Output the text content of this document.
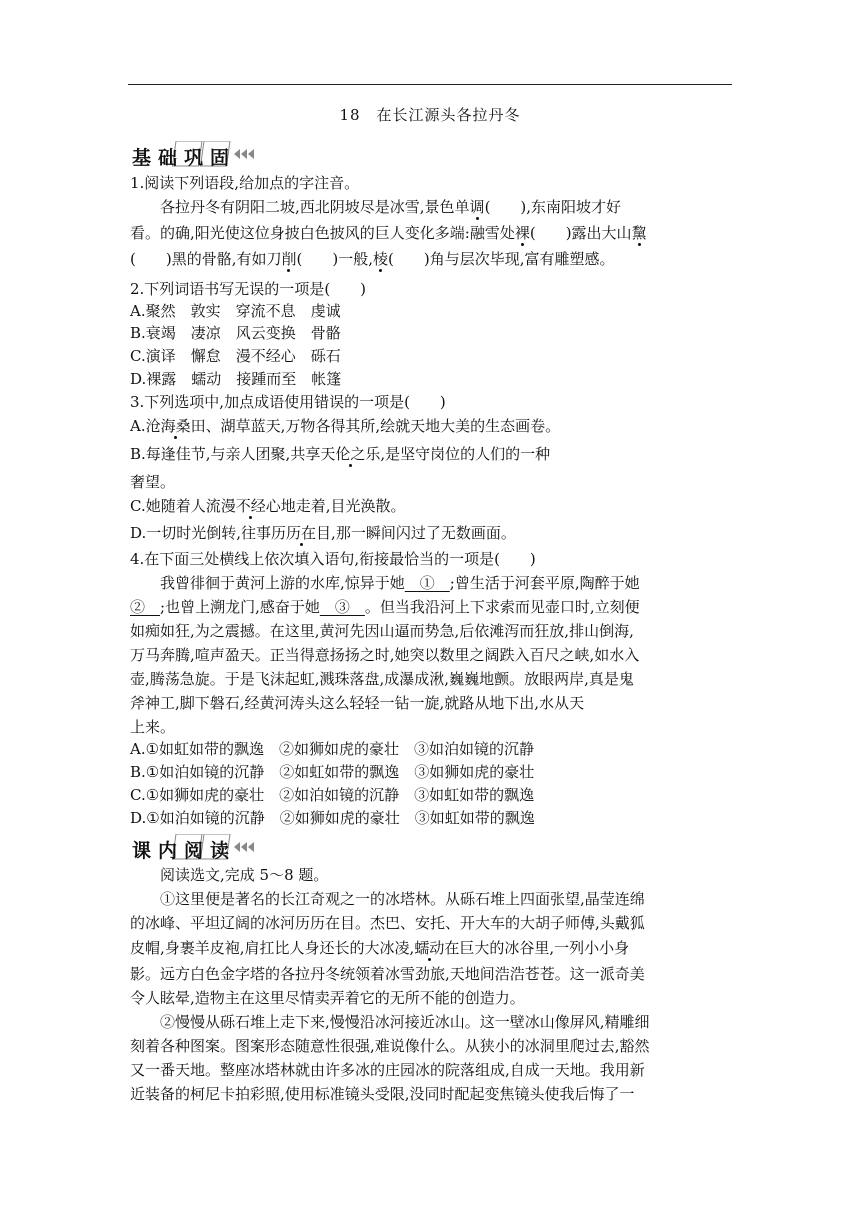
18　在长江源头各拉丹冬
基础巩固
1.阅读下列语段,给加点的字注音。
各拉丹冬有阴阳二坡,西北阴坡尽是冰雪,景色单调(　　),东南阳坡才好
看。的确,阳光使这位身披白色披风的巨人变化多端:融雪处裸(　　)露出大山黧
(　　)黑的骨骼,有如刀削(　　)一般,棱(　　)角与层次毕现,富有雕塑感。
2.下列词语书写无误的一项是(　　)
A.聚然　敦实　穿流不息　虔诚
B.衰竭　凄凉　风云变换　骨骼
C.演译　懈怠　漫不经心　砾石
D.裸露　蠕动　接踵而至　帐篷
3.下列选项中,加点成语使用错误的一项是(　　)
A.沧海桑田、湖草蓝天,万物各得其所,绘就天地大美的生态画卷。
B.每逢佳节,与亲人团聚,共享天伦之乐,是坚守岗位的人们的一种
奢望。
C.她随着人流漫不经心地走着,目光涣散。
D.一切时光倒转,往事历历在目,那一瞬间闪过了无数画面。
4.在下面三处横线上依次填入语句,衔接最恰当的一项是(　　)
我曾徘徊于黄河上游的水库,惊异于她　①　;曾生活于河套平原,陶醉于她
②　;也曾上溯龙门,感奋于她　③　。但当我沿河上下求索而见壶口时,立刻便
如痴如狂,为之震撼。在这里,黄河先因山逼而势急,后依滩泻而狂放,排山倒海,
万马奔腾,喧声盈天。正当得意扬扬之时,她突以数里之阔跌入百尺之峡,如水入
壶,腾荡急旋。于是飞沫起虹,溅珠落盘,成瀑成湫,巍巍地颤。放眼两岸,真是鬼
斧神工,脚下磐石,经黄河涛头这么轻轻一钻一旋,就路从地下出,水从天
上来。
A.①如虹如带的飘逸　②如狮如虎的豪壮　③如泊如镜的沉静
B.①如泊如镜的沉静　②如虹如带的飘逸　③如狮如虎的豪壮
C.①如狮如虎的豪壮　②如泊如镜的沉静　③如虹如带的飘逸
D.①如泊如镜的沉静　②如狮如虎的豪壮　③如虹如带的飘逸
课内阅读
阅读选文,完成 5～8 题。
①这里便是著名的长江奇观之一的冰塔林。从砾石堆上四面张望,晶莹连绵
的冰峰、平坦辽阔的冰河历历在目。杰巴、安托、开大车的大胡子师傅,头戴狐
皮帽,身裹羊皮袍,肩扛比人身还长的大冰凌,蠕动在巨大的冰谷里,一列小小身
影。远方白色金字塔的各拉丹冬统领着冰雪劲旅,天地间浩浩苍苍。这一派奇美
令人眩晕,造物主在这里尽情卖弄着它的无所不能的创造力。
②慢慢从砾石堆上走下来,慢慢沿冰河接近冰山。这一壁冰山像屏风,精雕细
刻着各种图案。图案形态随意性很强,难说像什么。从狭小的冰洞里爬过去,豁然
又一番天地。整座冰塔林就由许多冰的庄园冰的院落组成,自成一天地。我用新
近装备的柯尼卡拍彩照,使用标准镜头受限,没同时配起变焦镜头使我后悔了一
